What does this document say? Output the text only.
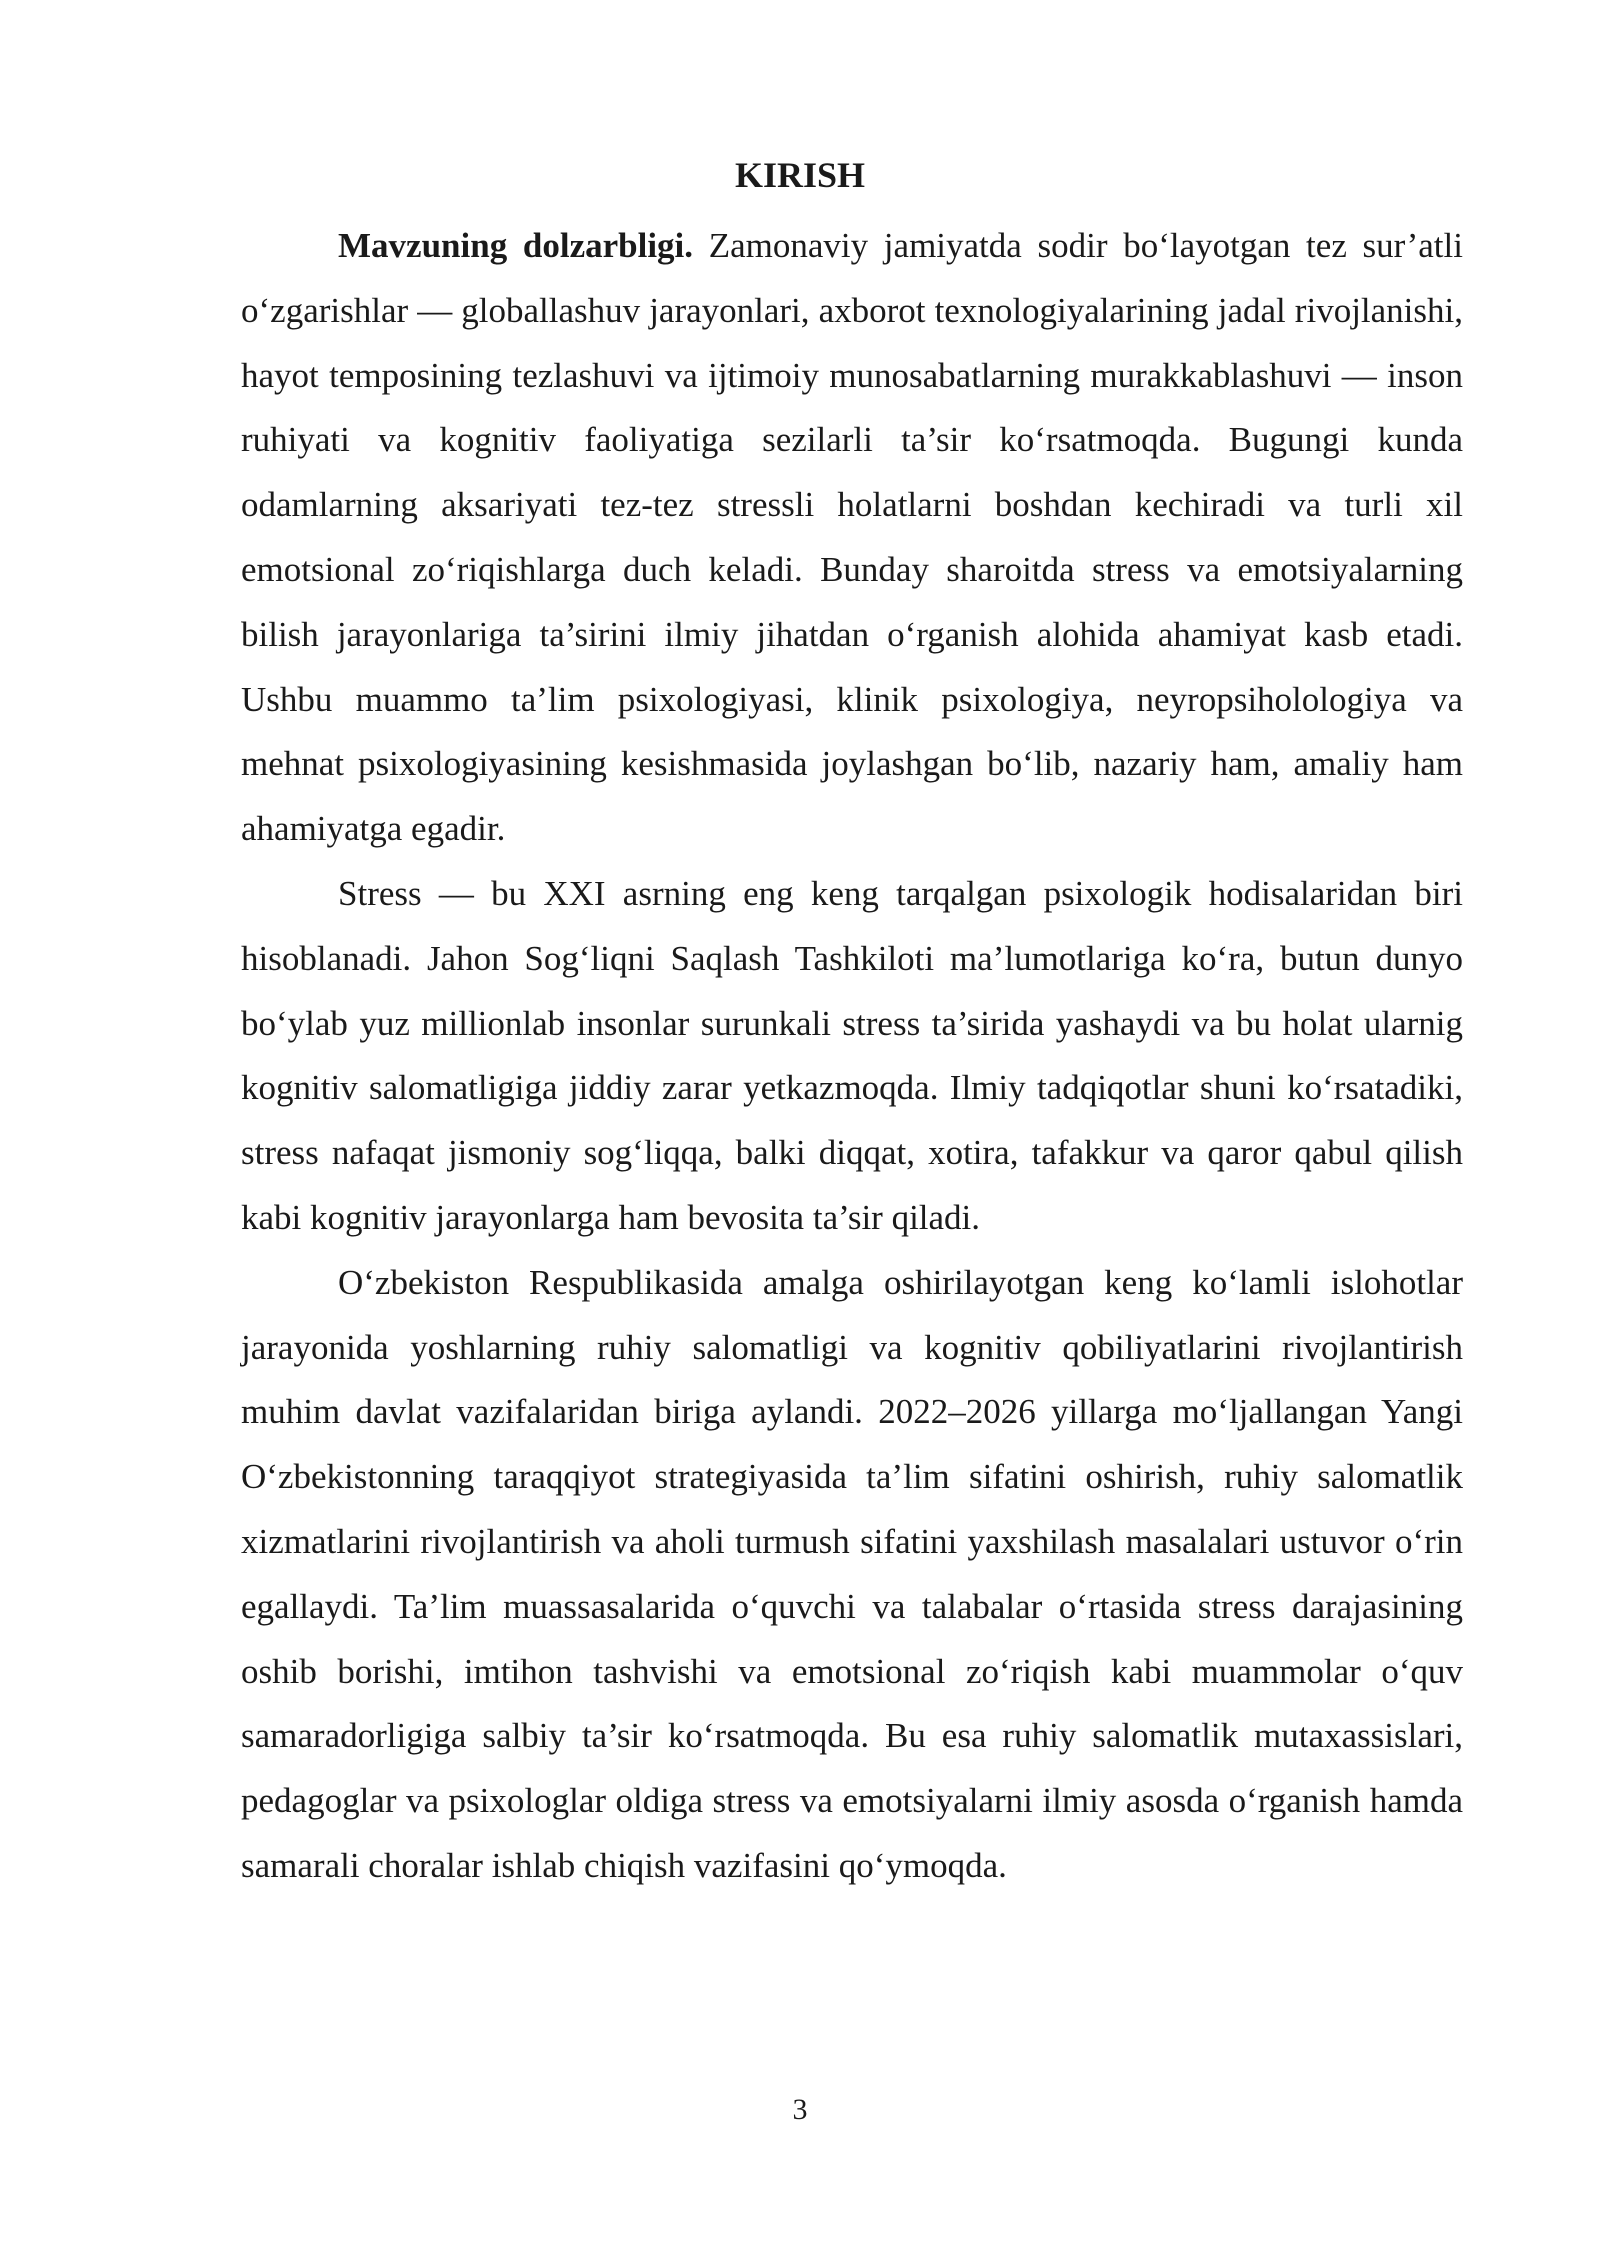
KIRISH

Mavzuning dolzarbligi. Zamonaviy jamiyatda sodir bo‘layotgan tez sur’atli o‘zgarishlar — globallashuv jarayonlari, axborot texnologiyalarining jadal rivojlanishi, hayot temposining tezlashuvi va ijtimoiy munosabatlarning murakkablashuvi — inson ruhiyati va kognitiv faoliyatiga sezilarli ta’sir ko‘rsatmoqda. Bugungi kunda odamlarning aksariyati tez-tez stressli holatlarni boshdan kechiradi va turli xil emotsional zo‘riqishlarga duch keladi. Bunday sharoitda stress va emotsiyalarning bilish jarayonlariga ta’sirini ilmiy jihatdan o‘rganish alohida ahamiyat kasb etadi. Ushbu muammo ta’lim psixologiyasi, klinik psixologiya, neyropsiholologiya va mehnat psixologiyasining kesishmasida joylashgan bo‘lib, nazariy ham, amaliy ham ahamiyatga egadir.

Stress — bu XXI asrning eng keng tarqalgan psixologik hodisalaridan biri hisoblanadi. Jahon Sog‘liqni Saqlash Tashkiloti ma’lumotlariga ko‘ra, butun dunyo bo‘ylab yuz millionlab insonlar surunkali stress ta’sirida yashaydi va bu holat ularnig kognitiv salomatligiga jiddiy zarar yetkazmoqda. Ilmiy tadqiqotlar shuni ko‘rsatadiki, stress nafaqat jismoniy sog‘liqqa, balki diqqat, xotira, tafakkur va qaror qabul qilish kabi kognitiv jarayonlarga ham bevosita ta’sir qiladi.

O‘zbekiston Respublikasida amalga oshirilayotgan keng ko‘lamli islohotlar jarayonida yoshlarning ruhiy salomatligi va kognitiv qobiliyatlarini rivojlantirish muhim davlat vazifalaridan biriga aylandi. 2022–2026 yillarga mo‘ljallangan Yangi O‘zbekistonning taraqqiyot strategiyasida ta’lim sifatini oshirish, ruhiy salomatlik xizmatlarini rivojlantirish va aholi turmush sifatini yaxshilash masalalari ustuvor o‘rin egallaydi. Ta’lim muassasalarida o‘quvchi va talabalar o‘rtasida stress darajasining oshib borishi, imtihon tashvishi va emotsional zo‘riqish kabi muammolar o‘quv samaradorligiga salbiy ta’sir ko‘rsatmoqda. Bu esa ruhiy salomatlik mutaxassislari, pedagoglar va psixologlar oldiga stress va emotsiyalarni ilmiy asosda o‘rganish hamda samarali choralar ishlab chiqish vazifasini qo‘ymoqda.

3
